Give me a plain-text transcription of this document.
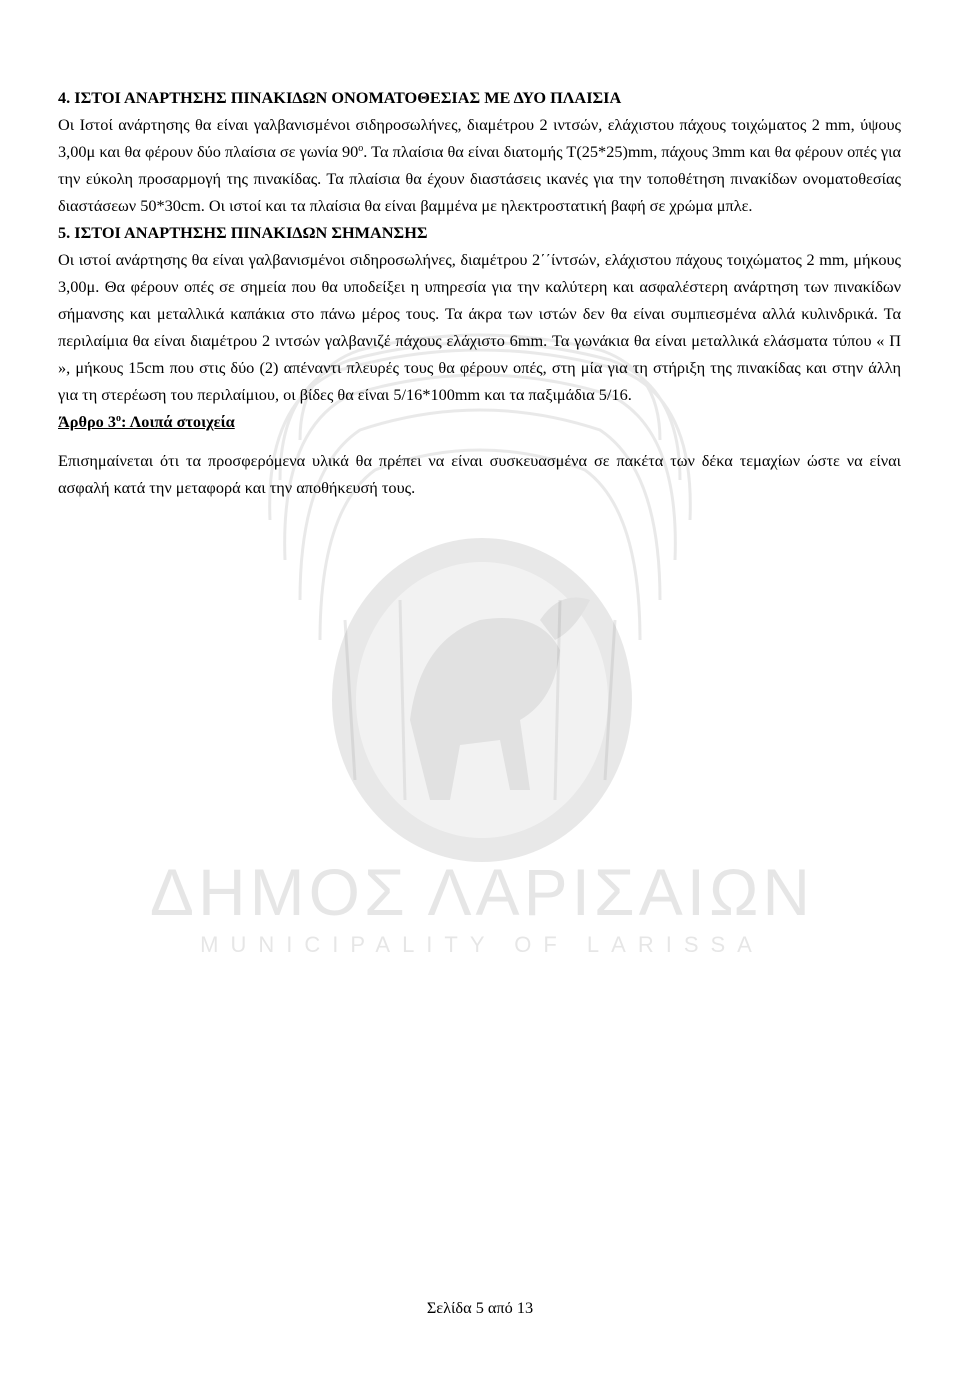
ΔΗΜΟΣ ΛΑΡΙΣΑΙΩΝ
MUNICIPALITY OF LARISSA

4. ΙΣΤΟΙ ΑΝΑΡΤΗΣΗΣ ΠΙΝΑΚΙΔΩΝ ΟΝΟΜΑΤΟΘΕΣΙΑΣ ΜΕ ΔΥΟ ΠΛΑΙΣΙΑ

Οι Ιστοί ανάρτησης θα είναι γαλβανισμένοι σιδηροσωλήνες, διαμέτρου 2 ιντσών, ελάχιστου πάχους τοιχώματος 2 mm, ύψους 3,00μ και θα φέρουν δύο πλαίσια σε γωνία $90^o$. Τα πλαίσια θα είναι διατομής Τ(25*25)mm, πάχους 3mm και θα φέρουν οπές για την εύκολη προσαρμογή της πινακίδας. Τα πλαίσια θα έχουν διαστάσεις ικανές για την τοποθέτηση πινακίδων ονοματοθεσίας διαστάσεων 50*30cm. Οι ιστοί και τα πλαίσια θα είναι βαμμένα με ηλεκτροστατική βαφή σε χρώμα μπλε.

5. ΙΣΤΟΙ ΑΝΑΡΤΗΣΗΣ ΠΙΝΑΚΙΔΩΝ ΣΗΜΑΝΣΗΣ

Οι ιστοί ανάρτησης θα είναι γαλβανισμένοι σιδηροσωλήνες, διαμέτρου 2΄΄ίντσών, ελάχιστου πάχους τοιχώματος 2 mm, μήκους 3,00μ. Θα φέρουν οπές σε σημεία που θα υποδείξει η υπηρεσία για την καλύτερη και ασφαλέστερη ανάρτηση των πινακίδων σήμανσης και μεταλλικά καπάκια στο πάνω μέρος τους. Τα άκρα των ιστών δεν θα είναι συμπιεσμένα αλλά κυλινδρικά. Τα περιλαίμια θα είναι διαμέτρου 2 ιντσών γαλβανιζέ πάχους ελάχιστο 6mm. Τα γωνάκια θα είναι μεταλλικά ελάσματα τύπου « Π », μήκους 15cm που στις δύο (2) απέναντι πλευρές τους θα φέρουν οπές, στη μία για τη στήριξη της πινακίδας και στην άλλη για τη στερέωση του περιλαίμιου, οι βίδες θα είναι 5/16*100mm και τα παξιμάδια 5/16.

Άρθρο $3^o$: Λοιπά στοιχεία

Επισημαίνεται ότι τα προσφερόμενα υλικά θα πρέπει να είναι συσκευασμένα σε πακέτα των δέκα τεμαχίων ώστε να είναι ασφαλή κατά την μεταφορά και την αποθήκευσή τους.

Σελίδα 5 από 13
